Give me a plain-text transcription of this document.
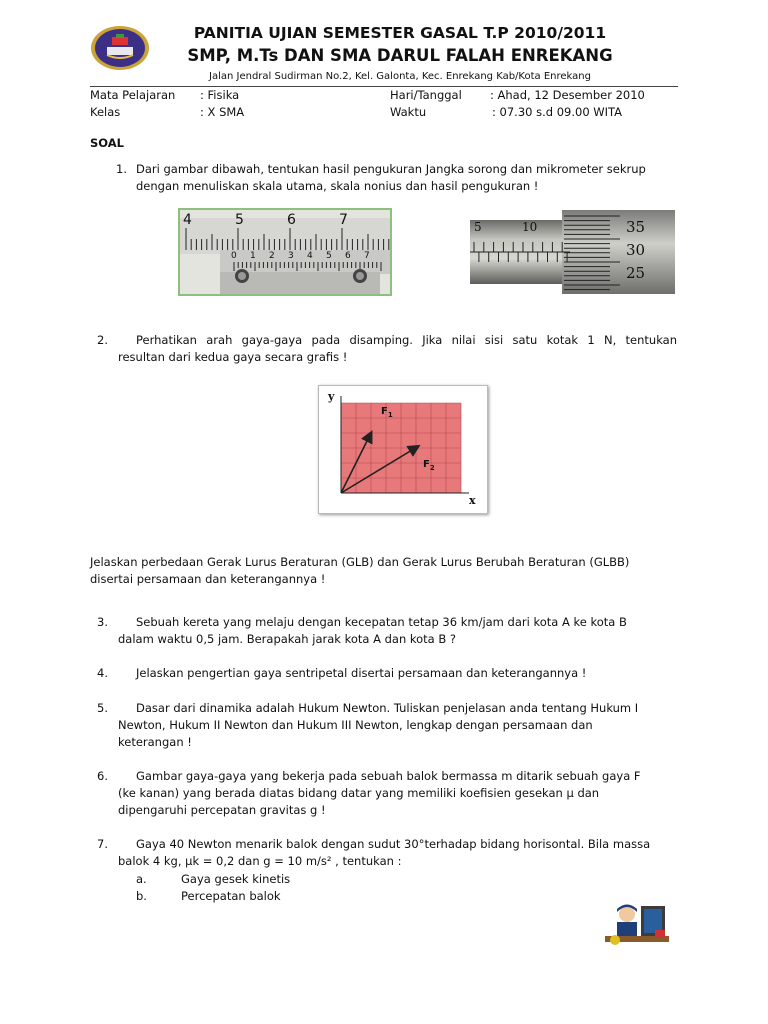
PANITIA UJIAN SEMESTER GASAL T.P 2010/2011
SMP, M.Ts DAN SMA DARUL FALAH ENREKANG
Jalan Jendral Sudirman No.2, Kel. Galonta, Kec. Enrekang Kab/Kota Enrekang
Mata Pelajaran : Fisika	Hari/Tanggal : Ahad, 12 Desember 2010
Kelas	: X SMA	Waktu	: 07.30 s.d 09.00 WITA
SOAL
1. Dari gambar dibawah, tentukan hasil pengukuran Jangka sorong dan mikrometer sekrup
dengan menuliskan skala utama, skala nonius dan hasil pengukuran !
4	5	6	7
0 1 2 3 4 5 6 7
5	10	35
30
25
2. Perhatikan arah gaya-gaya pada disamping. Jika nilai sisi satu kotak 1 N, tentukan
resultan dari kedua gaya secara grafis !
y
x
$F_1$
$F_2$
Jelaskan perbedaan Gerak Lurus Beraturan (GLB) dan Gerak Lurus Berubah Beraturan (GLBB)
disertai persamaan dan keterangannya !
3. Sebuah kereta yang melaju dengan kecepatan tetap 36 km/jam dari kota A ke kota B
dalam waktu 0,5 jam. Berapakah jarak kota A dan kota B ?
4. Jelaskan pengertian gaya sentripetal disertai persamaan dan keterangannya !
5. Dasar dari dinamika adalah Hukum Newton. Tuliskan penjelasan anda tentang Hukum I
Newton, Hukum II Newton dan Hukum III Newton, lengkap dengan persamaan dan
keterangan !
6. Gambar gaya-gaya yang bekerja pada sebuah balok bermassa m ditarik sebuah gaya F
(ke kanan) yang berada diatas bidang datar yang memiliki koefisien gesekan μ dan
dipengaruhi percepatan gravitas g !
7. Gaya 40 Newton menarik balok dengan sudut 30°terhadap bidang horisontal. Bila massa
balok 4 kg, μk = 0,2 dan g = 10 m/s² , tentukan :
a.	Gaya gesek kinetis
b.	Percepatan balok
